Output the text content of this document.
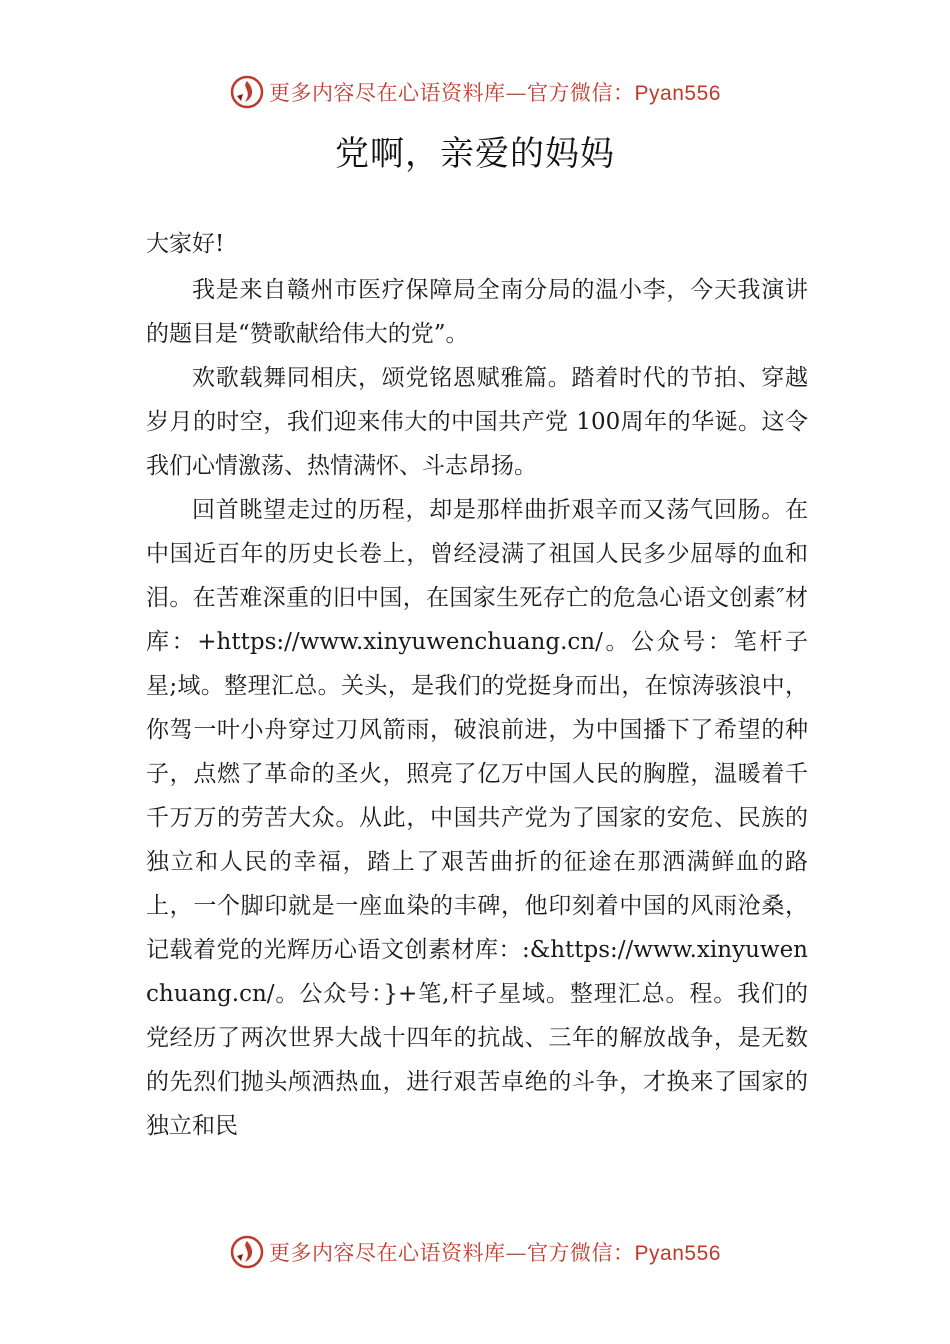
更多内容尽在心语资料库—官方微信：Pyan556
党啊，亲爱的妈妈

大家好!

我是来自赣州市医疗保障局全南分局的温小李，今天我演讲的题目是“赞歌献给伟大的党”。

欢歌载舞同相庆，颂党铭恩赋雅篇。踏着时代的节拍、穿越岁月的时空，我们迎来伟大的中国共产党 100周年的华诞。这令我们心情激荡、热情满怀、斗志昂扬。

回首眺望走过的历程，却是那样曲折艰辛而又荡气回肠。在中国近百年的历史长卷上，曾经浸满了祖国人民多少屈辱的血和泪。在苦难深重的旧中国，在国家生死存亡的危急心语文创素″材库：+https://www.xinyuwenchuang.cn/。公众号：笔杆子星;域。整理汇总。关头，是我们的党挺身而出，在惊涛骇浪中，你驾一叶小舟穿过刀风箭雨，破浪前进，为中国播下了希望的种子，点燃了革命的圣火，照亮了亿万中国人民的胸膛，温暖着千千万万的劳苦大众。从此，中国共产党为了国家的安危、民族的独立和人民的幸福，踏上了艰苦曲折的征途在那洒满鲜血的路上，一个脚印就是一座血染的丰碑，他印刻着中国的风雨沧桑，记载着党的光辉历心语文创素材库：:&https://www.xinyuwenchuang.cn/。公众号：}+笔,杆子星域。整理汇总。程。我们的党经历了两次世界大战十四年的抗战、三年的解放战争，是无数的先烈们抛头颅洒热血，进行艰苦卓绝的斗争，才换来了国家的独立和民

更多内容尽在心语资料库—官方微信：Pyan556
